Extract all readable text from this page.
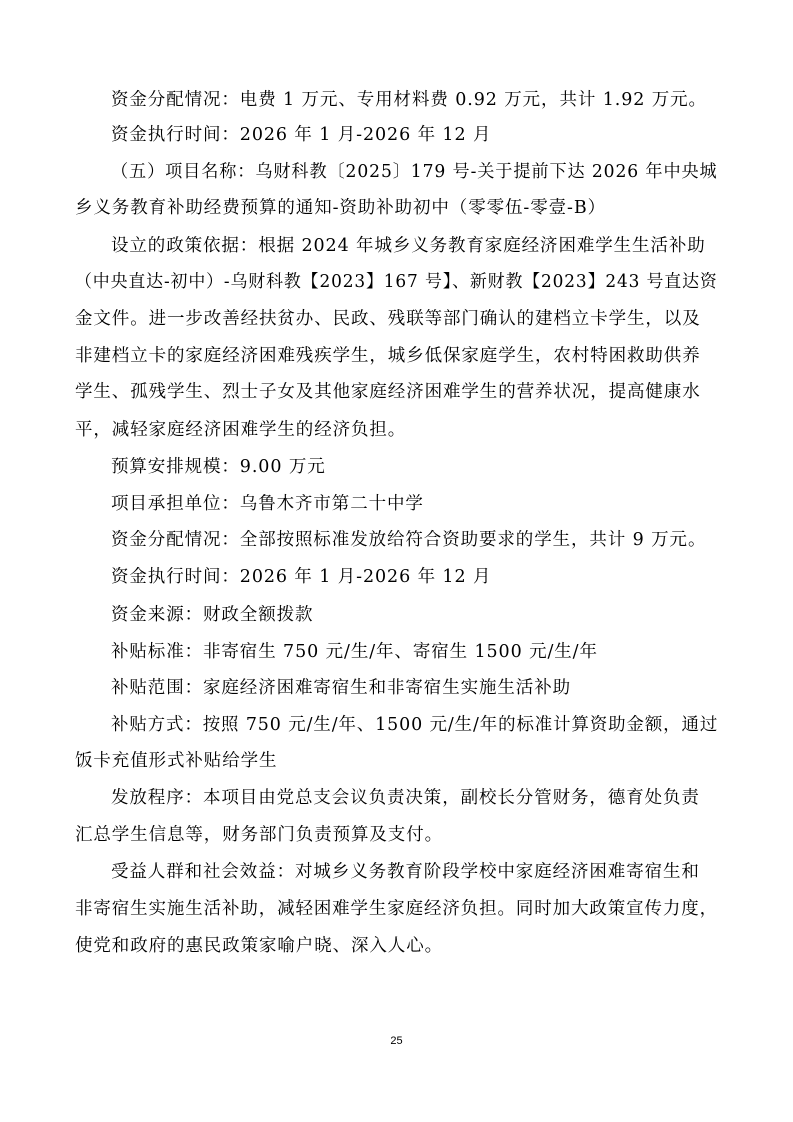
资金分配情况：电费 1 万元、专用材料费 0.92 万元，共计 1.92 万元。
资金执行时间：2026 年 1 月-2026 年 12 月
（五）项目名称：乌财科教〔2025〕179 号-关于提前下达 2026 年中央城
乡义务教育补助经费预算的通知-资助补助初中（零零伍-零壹-B）
设立的政策依据：根据 2024 年城乡义务教育家庭经济困难学生生活补助
（中央直达-初中）-乌财科教【2023】167 号】、新财教【2023】243 号直达资
金文件。进一步改善经扶贫办、民政、残联等部门确认的建档立卡学生，以及
非建档立卡的家庭经济困难残疾学生，城乡低保家庭学生，农村特困救助供养
学生、孤残学生、烈士子女及其他家庭经济困难学生的营养状况，提高健康水
平，减轻家庭经济困难学生的经济负担。
预算安排规模：9.00 万元
项目承担单位：乌鲁木齐市第二十中学
资金分配情况：全部按照标准发放给符合资助要求的学生，共计 9 万元。
资金执行时间：2026 年 1 月-2026 年 12 月
资金来源：财政全额拨款
补贴标准：非寄宿生 750 元/生/年、寄宿生 1500 元/生/年
补贴范围：家庭经济困难寄宿生和非寄宿生实施生活补助
补贴方式：按照 750 元/生/年、1500 元/生/年的标准计算资助金额，通过
饭卡充值形式补贴给学生
发放程序：本项目由党总支会议负责决策，副校长分管财务，德育处负责
汇总学生信息等，财务部门负责预算及支付。
受益人群和社会效益：对城乡义务教育阶段学校中家庭经济困难寄宿生和
非寄宿生实施生活补助，减轻困难学生家庭经济负担。同时加大政策宣传力度，
使党和政府的惠民政策家喻户晓、深入人心。
25
